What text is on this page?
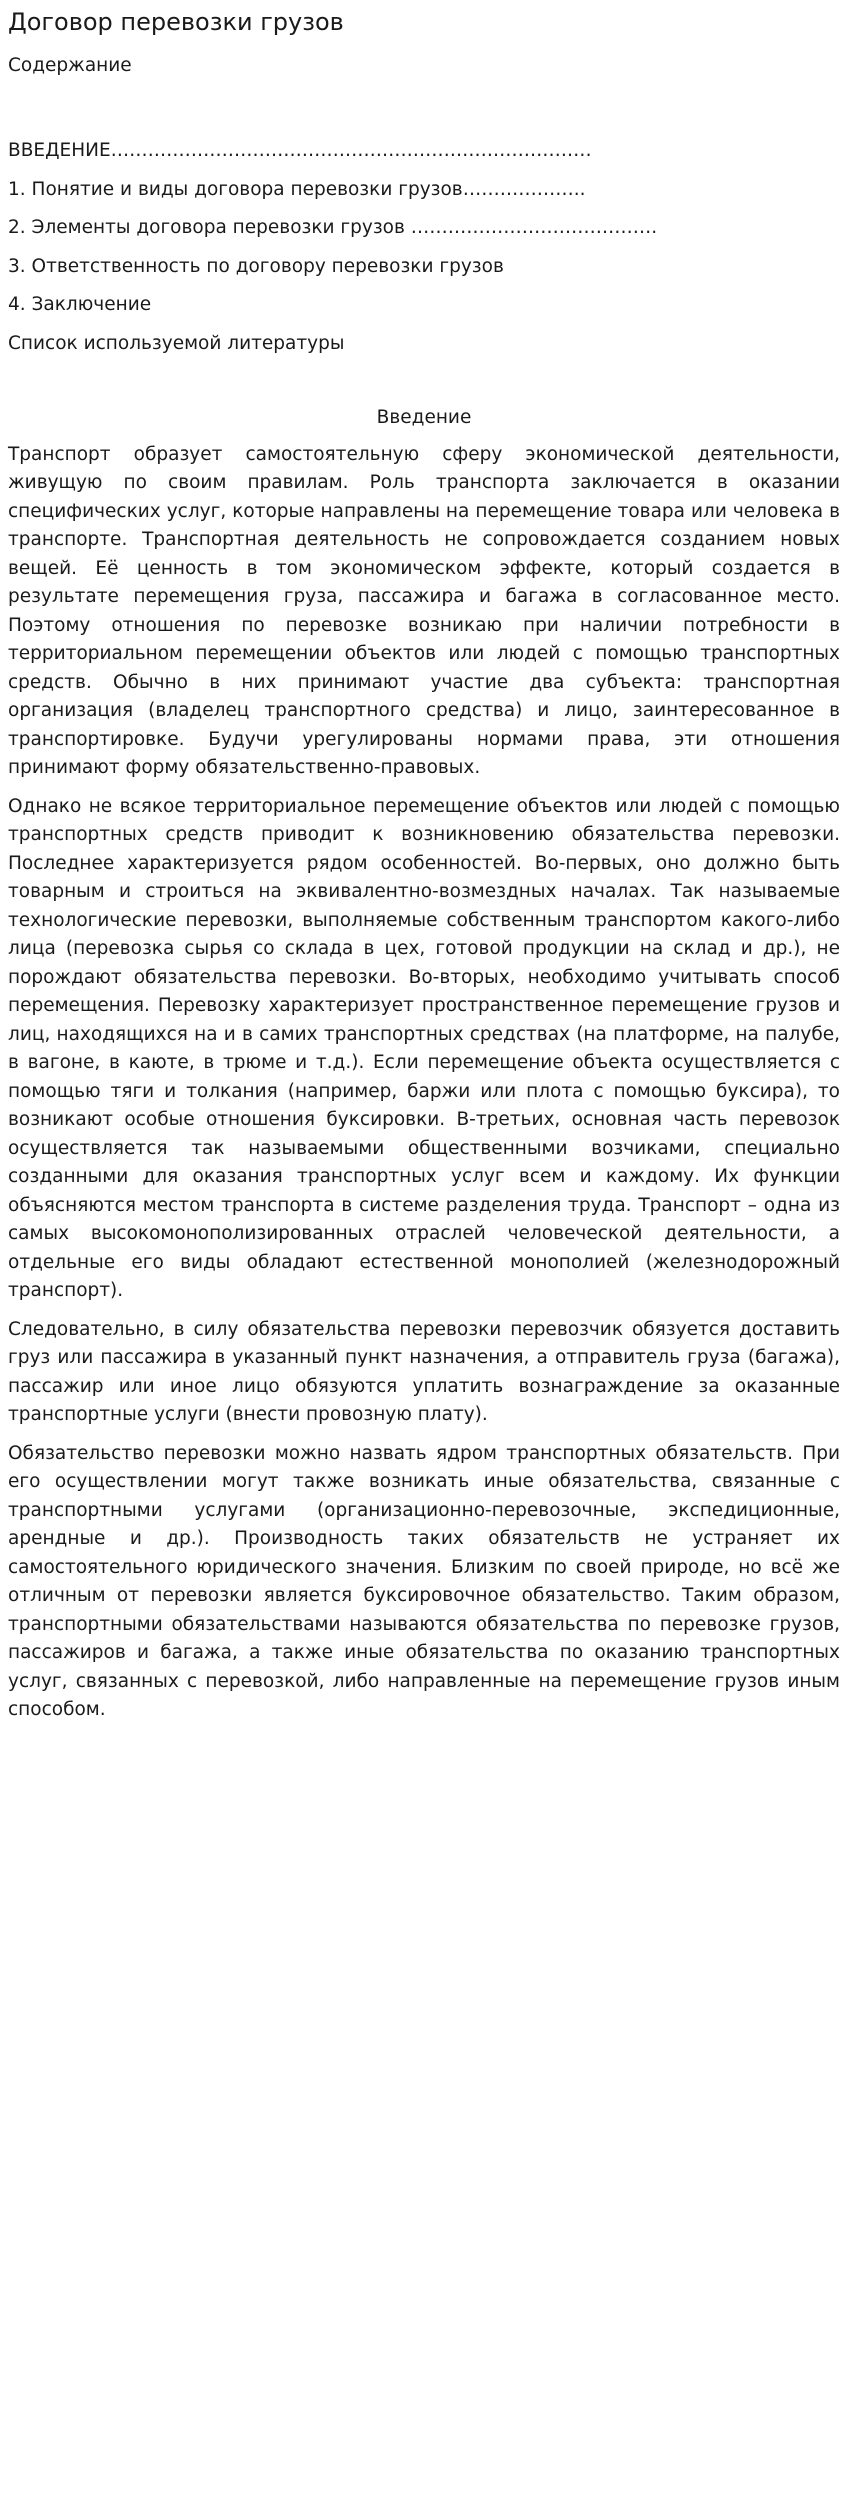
Договор перевозки грузов
Содержание
ВВЕДЕНИЕ……………………………………………………………………
1. Понятие и виды договора перевозки грузов………………..
2. Элементы договора перевозки грузов ………………………………….
3. Ответственность по договору перевозки грузов
4. Заключение
Список используемой литературы
Введение

Транспорт образует самостоятельную сферу экономической деятельности, живущую по своим правилам. Роль транспорта заключается в оказании специфических услуг, которые направлены на перемещение товара или человека в транспорте. Транспортная деятельность не сопровождается созданием новых вещей. Её ценность в том экономическом эффекте, который создается в результате перемещения груза, пассажира и багажа в согласованное место. Поэтому отношения по перевозке возникаю при наличии потребности в территориальном перемещении объектов или людей с помощью транспортных средств. Обычно в них принимают участие два субъекта: транспортная организация (владелец транспортного средства) и лицо, заинтересованное в транспортировке. Будучи урегулированы нормами права, эти отношения принимают форму обязательственно-правовых.

Однако не всякое территориальное перемещение объектов или людей с помощью транспортных средств приводит к возникновению обязательства перевозки. Последнее характеризуется рядом особенностей. Во-первых, оно должно быть товарным и строиться на эквивалентно-возмездных началах. Так называемые технологические перевозки, выполняемые собственным транспортом какого-либо лица (перевозка сырья со склада в цех, готовой продукции на склад и др.), не порождают обязательства перевозки. Во-вторых, необходимо учитывать способ перемещения. Перевозку характеризует пространственное перемещение грузов и лиц, находящихся на и в самих транспортных средствах (на платформе, на палубе, в вагоне, в каюте, в трюме и т.д.). Если перемещение объекта осуществляется с помощью тяги и толкания (например, баржи или плота с помощью буксира), то возникают особые отношения буксировки. В-третьих, основная часть перевозок осуществляется так называемыми общественными возчиками, специально созданными для оказания транспортных услуг всем и каждому. Их функции объясняются местом транспорта в системе разделения труда. Транспорт – одна из самых высокомонополизированных отраслей человеческой деятельности, а отдельные его виды обладают естественной монополией (железнодорожный транспорт).

Следовательно, в силу обязательства перевозки перевозчик обязуется доставить груз или пассажира в указанный пункт назначения, а отправитель груза (багажа), пассажир или иное лицо обязуются уплатить вознаграждение за оказанные транспортные услуги (внести провозную плату).

Обязательство перевозки можно назвать ядром транспортных обязательств. При его осуществлении могут также возникать иные обязательства, связанные с транспортными услугами (организационно-перевозочные, экспедиционные, арендные и др.). Производность таких обязательств не устраняет их самостоятельного юридического значения. Близким по своей природе, но всё же отличным от перевозки является буксировочное обязательство. Таким образом, транспортными обязательствами называются обязательства по перевозке грузов, пассажиров и багажа, а также иные обязательства по оказанию транспортных услуг, связанных с перевозкой, либо направленные на перемещение грузов иным способом.
